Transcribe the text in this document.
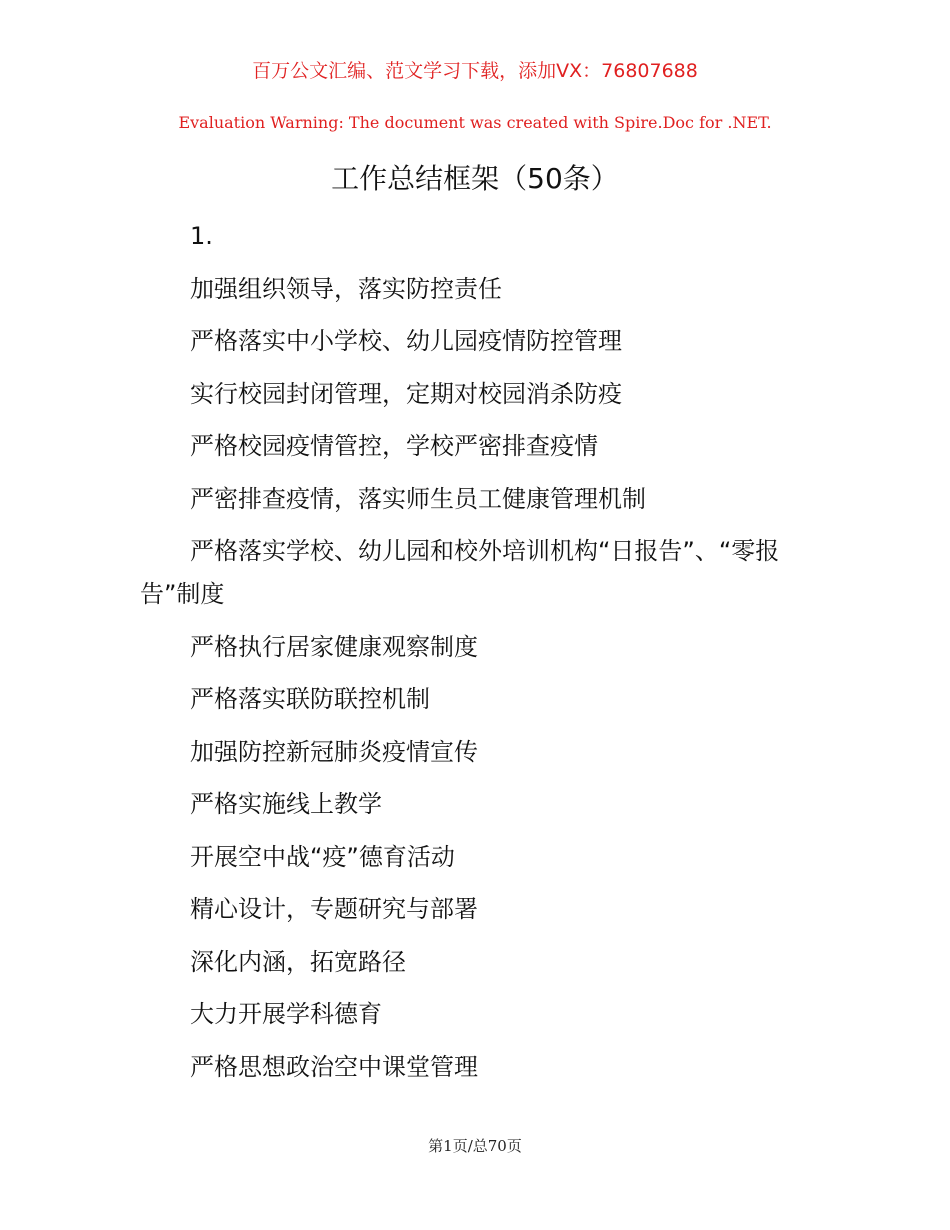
百万公文汇编、范文学习下载，添加VX：76807688
Evaluation Warning: The document was created with Spire.Doc for .NET.
工作总结框架（50条）

1.

加强组织领导，落实防控责任

严格落实中小学校、幼儿园疫情防控管理

实行校园封闭管理，定期对校园消杀防疫

严格校园疫情管控，学校严密排查疫情

严密排查疫情，落实师生员工健康管理机制

严格落实学校、幼儿园和校外培训机构“日报告”、“零报告”制度

严格执行居家健康观察制度

严格落实联防联控机制

加强防控新冠肺炎疫情宣传

严格实施线上教学

开展空中战“疫”德育活动

精心设计，专题研究与部署

深化内涵，拓宽路径

大力开展学科德育

严格思想政治空中课堂管理

第1页/总70页
